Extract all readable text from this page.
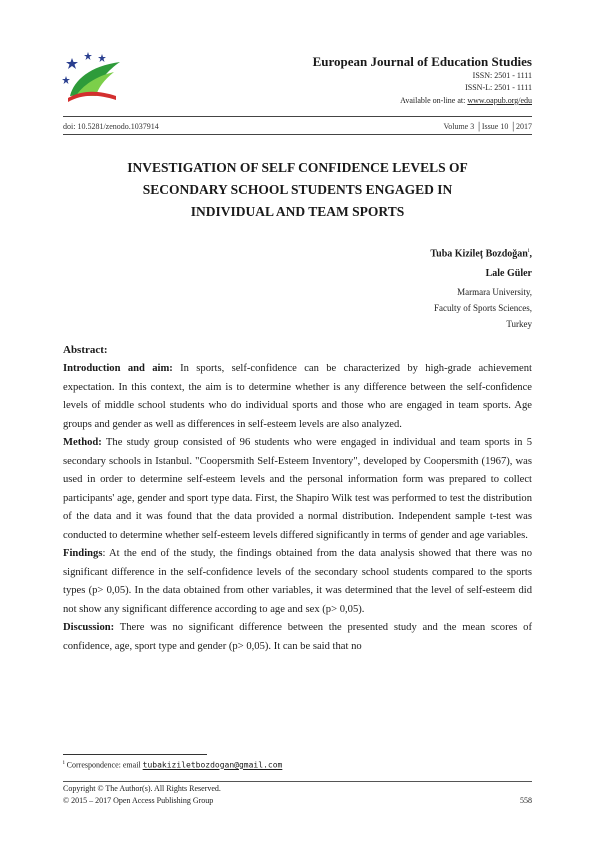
European Journal of Education Studies
ISSN: 2501 - 1111
ISSN-L: 2501 - 1111
Available on-line at: www.oapub.org/edu
doi: 10.5281/zenodo.1037914	Volume 3 │Issue 10 │2017
INVESTIGATION OF SELF CONFIDENCE LEVELS OF
SECONDARY SCHOOL STUDENTS ENGAGED IN
INDIVIDUAL AND TEAM SPORTS
Tuba Kizileț Bozdoğan$^i$,
Lale Güler
Marmara University,
Faculty of Sports Sciences,
Turkey
Abstract:

Introduction and aim: In sports, self-confidence can be characterized by high-grade achievement expectation. In this context, the aim is to determine whether is any difference between the self-confidence levels of middle school students who do individual sports and those who are engaged in team sports. Age groups and gender as well as differences in self-esteem levels are also analyzed.

Method: The study group consisted of 96 students who were engaged in individual and team sports in 5 secondary schools in Istanbul. "Coopersmith Self-Esteem Inventory", developed by Coopersmith (1967), was used in order to determine self-esteem levels and the personal information form was prepared to collect participants' age, gender and sport type data. First, the Shapiro Wilk test was performed to test the distribution of the data and it was found that the data provided a normal distribution. Independent sample t-test was conducted to determine whether self-esteem levels differed significantly in terms of gender and age variables.

Findings: At the end of the study, the findings obtained from the data analysis showed that there was no significant difference in the self-confidence levels of the secondary school students compared to the sports types (p> 0,05). In the data obtained from other variables, it was determined that the level of self-esteem did not show any significant difference according to age and sex (p> 0,05).

Discussion: There was no significant difference between the presented study and the mean scores of confidence, age, sport type and gender (p> 0,05). It can be said that no

$^i$ Correspondence: email tubakiziletbozdogan@gmail.com
Copyright © The Author(s). All Rights Reserved.
© 2015 – 2017 Open Access Publishing Group	558
